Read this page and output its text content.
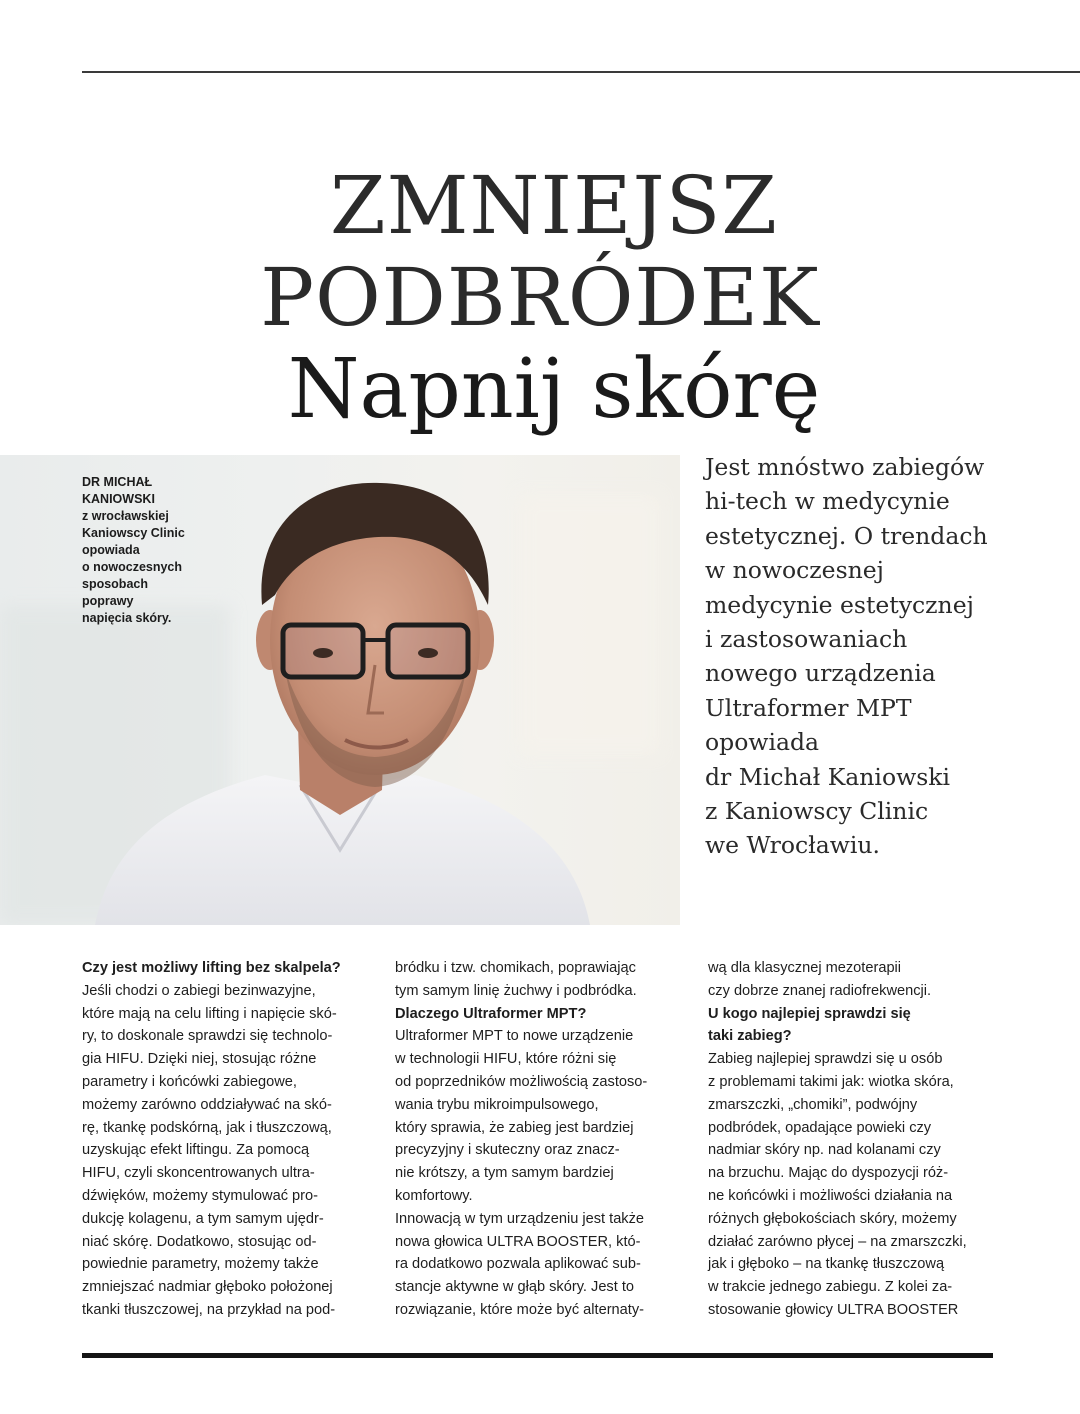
ZMNIEJSZ
PODBRÓDEK
Napnij skórę
DR MICHAŁ
KANIOWSKI
z wrocławskiej
Kaniowscy Clinic
opowiada
o nowoczesnych
sposobach
poprawy
napięcia skóry.
Jest mnóstwo zabiegów
hi-tech w medycynie
estetycznej. O trendach
w nowoczesnej
medycynie estetycznej
i zastosowaniach
nowego urządzenia
Ultraformer MPT
opowiada
dr Michał Kaniowski
z Kaniowscy Clinic
we Wrocławiu.
Czy jest możliwy lifting bez skalpela?
Jeśli chodzi o zabiegi bezinwazyjne,
które mają na celu lifting i napięcie skó-
ry, to doskonale sprawdzi się technolo-
gia HIFU. Dzięki niej, stosując różne
parametry i końcówki zabiegowe,
możemy zarówno oddziaływać na skó-
rę, tkankę podskórną, jak i tłuszczową,
uzyskując efekt liftingu. Za pomocą
HIFU, czyli skoncentrowanych ultra-
dźwięków, możemy stymulować pro-
dukcję kolagenu, a tym samym ujędr-
niać skórę. Dodatkowo, stosując od-
powiednie parametry, możemy także
zmniejszać nadmiar głęboko położonej
tkanki tłuszczowej, na przykład na pod-
bródku i tzw. chomikach, poprawiając
tym samym linię żuchwy i podbródka.
Dlaczego Ultraformer MPT?
Ultraformer MPT to nowe urządzenie
w technologii HIFU, które różni się
od poprzedników możliwością zastoso-
wania trybu mikroimpulsowego,
który sprawia, że zabieg jest bardziej
precyzyjny i skuteczny oraz znacz-
nie krótszy, a tym samym bardziej
komfortowy.
Innowacją w tym urządzeniu jest także
nowa głowica ULTRA BOOSTER, któ-
ra dodatkowo pozwala aplikować sub-
stancje aktywne w głąb skóry. Jest to
rozwiązanie, które może być alternaty-
wą dla klasycznej mezoterapii
czy dobrze znanej radiofrekwencji.
U kogo najlepiej sprawdzi się
taki zabieg?
Zabieg najlepiej sprawdzi się u osób
z problemami takimi jak: wiotka skóra,
zmarszczki, „chomiki”, podwójny
podbródek, opadające powieki czy
nadmiar skóry np. nad kolanami czy
na brzuchu. Mając do dyspozycji róż-
ne końcówki i możliwości działania na
różnych głębokościach skóry, możemy
działać zarówno płycej – na zmarszczki,
jak i głęboko – na tkankę tłuszczową
w trakcie jednego zabiegu. Z kolei za-
stosowanie głowicy ULTRA BOOSTER
